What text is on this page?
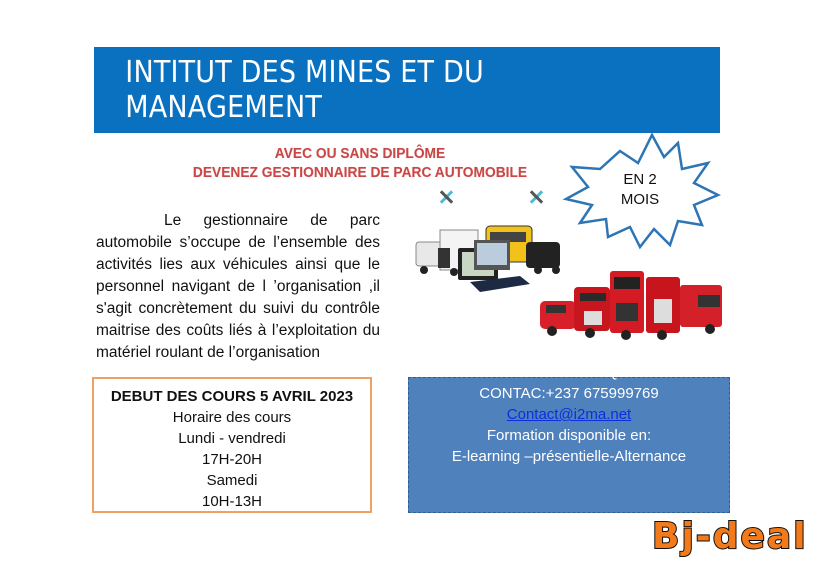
INTITUT DES MINES ET DU MANAGEMENT
AVEC OU SANS DIPLÔME
DEVENEZ GESTIONNAIRE DE PARC AUTOMOBILE	EN 2
MOIS

Le gestionnaire de parc automobile s’occupe de l’ensemble des activités lies aux véhicules ainsi que le personnel navigant de l ’organisation ,il s'agit concrètement du suivi du contrôle maitrise des coûts liés à l’exploitation du matériel roulant de l’organisation

DEBUT DES COURS 5 AVRIL 2023
Horaire des cours
Lundi - vendredi
17H-20H
Samedi
10H-13H
LIEU : ... BOUTIQUE
CONTAC:+237 675999769
Contact@i2ma.net
Formation disponible en:
E-learning –présentielle-Alternance
Bj-deal
